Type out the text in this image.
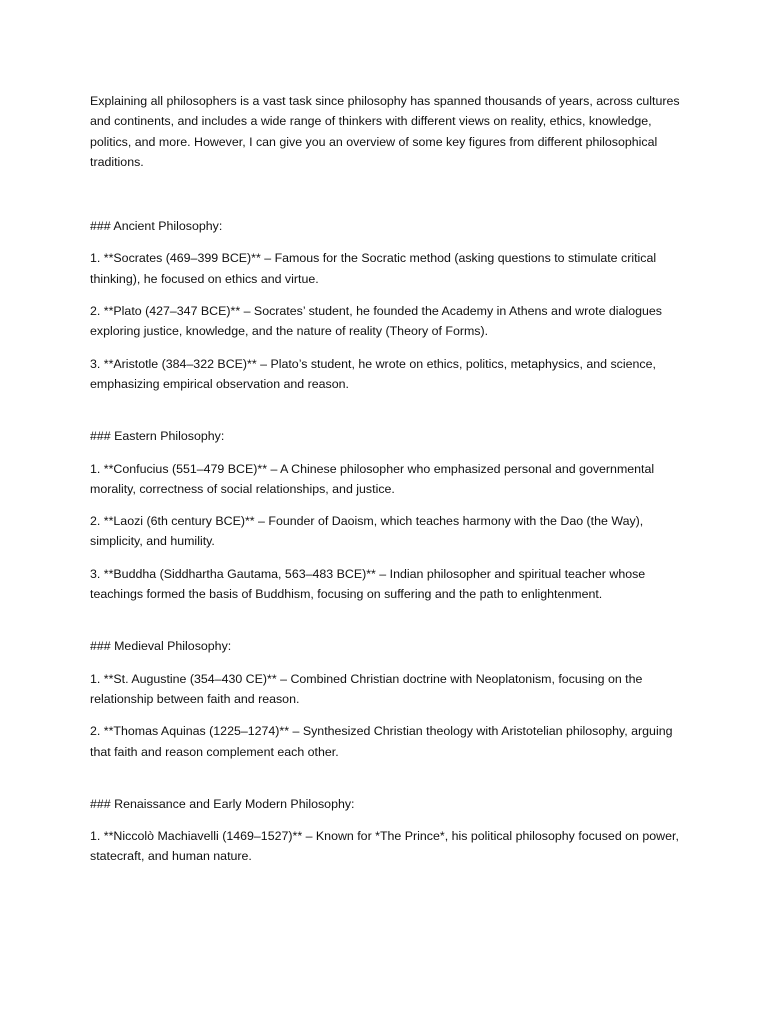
Explaining all philosophers is a vast task since philosophy has spanned thousands of years, across cultures and continents, and includes a wide range of thinkers with different views on reality, ethics, knowledge, politics, and more. However, I can give you an overview of some key figures from different philosophical traditions.

### Ancient Philosophy:

1. **Socrates (469–399 BCE)** – Famous for the Socratic method (asking questions to stimulate critical thinking), he focused on ethics and virtue.

2. **Plato (427–347 BCE)** – Socrates’ student, he founded the Academy in Athens and wrote dialogues exploring justice, knowledge, and the nature of reality (Theory of Forms).

3. **Aristotle (384–322 BCE)** – Plato’s student, he wrote on ethics, politics, metaphysics, and science, emphasizing empirical observation and reason.

### Eastern Philosophy:

1. **Confucius (551–479 BCE)** – A Chinese philosopher who emphasized personal and governmental morality, correctness of social relationships, and justice.

2. **Laozi (6th century BCE)** – Founder of Daoism, which teaches harmony with the Dao (the Way), simplicity, and humility.

3. **Buddha (Siddhartha Gautama, 563–483 BCE)** – Indian philosopher and spiritual teacher whose teachings formed the basis of Buddhism, focusing on suffering and the path to enlightenment.

### Medieval Philosophy:

1. **St. Augustine (354–430 CE)** – Combined Christian doctrine with Neoplatonism, focusing on the relationship between faith and reason.

2. **Thomas Aquinas (1225–1274)** – Synthesized Christian theology with Aristotelian philosophy, arguing that faith and reason complement each other.

### Renaissance and Early Modern Philosophy:

1. **Niccolò Machiavelli (1469–1527)** – Known for *The Prince*, his political philosophy focused on power, statecraft, and human nature.
